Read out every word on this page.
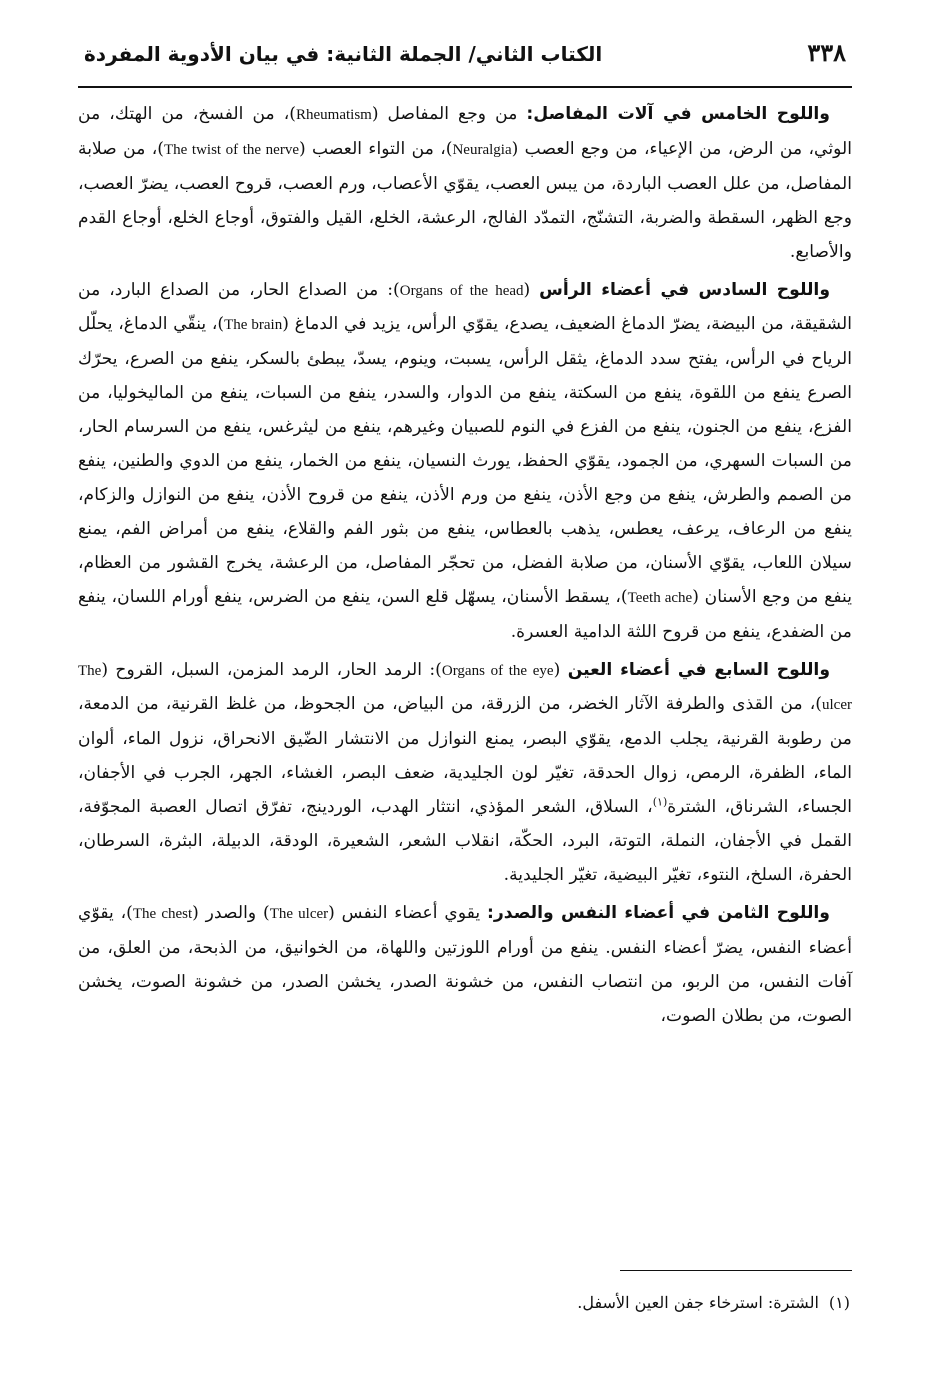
٣٣٨
الكتاب الثاني/ الجملة الثانية: في بيان الأدوية المفردة

واللوح الخامس في آلات المفاصل: من وجع المفاصل (Rheumatism)، من الفسخ، من الهتك، من الوثي، من الرض، من الإعياء، من وجع العصب (Neuralgia)، من التواء العصب (The twist of the nerve)، من صلابة المفاصل، من علل العصب الباردة، من يبس العصب، يقوّي الأعصاب، ورم العصب، قروح العصب، يضرّ العصب، وجع الظهر، السقطة والضربة، التشنّج، التمدّد الفالج، الرعشة، الخلع، القيل والفتوق، أوجاع الخلع، أوجاع القدم والأصابع.

واللوح السادس في أعضاء الرأس (Organs of the head): من الصداع الحار، من الصداع البارد، من الشقيقة، من البيضة، يضرّ الدماغ الضعيف، يصدع، يقوّي الرأس، يزيد في الدماغ (The brain)، ينقّي الدماغ، يحلّل الرياح في الرأس، يفتح سدد الدماغ، يثقل الرأس، يسبت، وينوم، يسدّ، يبطئ بالسكر، ينفع من الصرع، يحرّك الصرع ينفع من اللقوة، ينفع من السكتة، ينفع من الدوار، والسدر، ينفع من السبات، ينفع من الماليخوليا، من الفزع، ينفع من الجنون، ينفع من الفزع في النوم للصبيان وغيرهم، ينفع من ليثرغس، ينفع من السرسام الحار، من السبات السهري، من الجمود، يقوّي الحفظ، يورث النسيان، ينفع من الخمار، ينفع من الدوي والطنين، ينفع من الصمم والطرش، ينفع من وجع الأذن، ينفع من ورم الأذن، ينفع من قروح الأذن، ينفع من النوازل والزكام، ينفع من الرعاف، يرعف، يعطس، يذهب بالعطاس، ينفع من بثور الفم والقلاع، ينفع من أمراض الفم، يمنع سيلان اللعاب، يقوّي الأسنان، من صلابة الفضل، من تحجّر المفاصل، من الرعشة، يخرج القشور من العظام، ينفع من وجع الأسنان (Teeth ache)، يسقط الأسنان، يسهّل قلع السن، ينفع من الضرس، ينفع أورام اللسان، ينفع من الضفدع، ينفع من قروح اللثة الدامية العسرة.

واللوح السابع في أعضاء العين (Organs of the eye): الرمد الحار، الرمد المزمن، السبل، القروح (The ulcer)، من القذى والطرفة الآثار الخضر، من الزرقة، من البياض، من الجحوظ، من غلظ القرنية، من الدمعة، من رطوبة القرنية، يجلب الدمع، يقوّي البصر، يمنع النوازل من الانتشار الضّيق الانحراق، نزول الماء، ألوان الماء، الظفرة، الرمص، زوال الحدقة، تغيّر لون الجليدية، ضعف البصر، الغشاء، الجهر، الجرب في الأجفان، الجساء، الشرناق، الشترة$^{(١)}$، السلاق، الشعر المؤذي، انتثار الهدب، الوردينج، تفرّق اتصال العصبة المجوّفة، القمل في الأجفان، النملة، التوتة، البرد، الحكّة، انقلاب الشعر، الشعيرة، الودقة، الدبيلة، البثرة، السرطان، الحفرة، السلخ، النتوء، تغيّر البيضية، تغيّر الجليدية.

واللوح الثامن في أعضاء النفس والصدر: يقوي أعضاء النفس (The ulcer) والصدر (The chest)، يقوّي أعضاء النفس، يضرّ أعضاء النفس. ينفع من أورام اللوزتين واللهاة، من الخوانيق، من الذبحة، من العلق، من آفات النفس، من الربو، من انتصاب النفس، من خشونة الصدر، يخشن الصدر، من خشونة الصوت، يخشن الصوت، من بطلان الصوت،

(١)الشترة: استرخاء جفن العين الأسفل.
